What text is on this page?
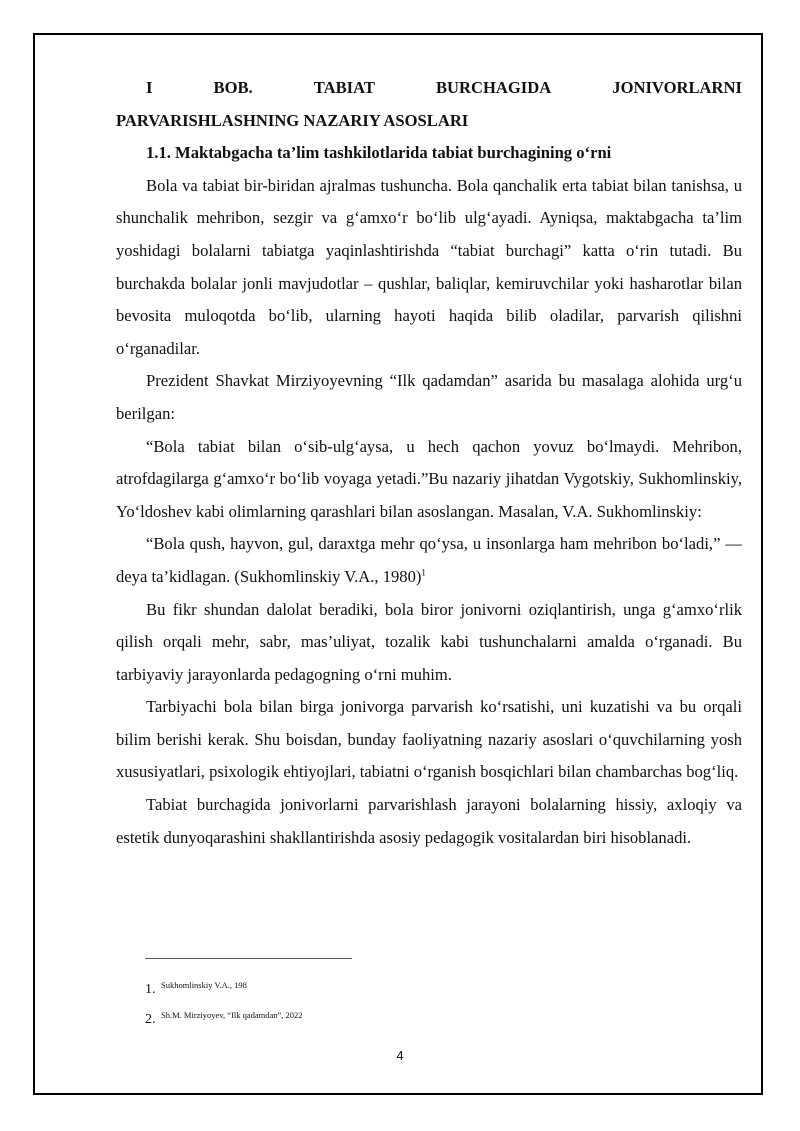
I	BOB.	TABIAT	BURCHAGIDA	JONIVORLARNI
PARVARISHLASHNING NAZARIY ASOSLARI
1.1. Maktabgacha ta’lim tashkilotlarida tabiat burchagining o‘rni

Bola va tabiat bir-biridan ajralmas tushuncha. Bola qanchalik erta tabiat bilan tanishsa, u shunchalik mehribon, sezgir va g‘amxo‘r bo‘lib ulg‘ayadi. Ayniqsa, maktabgacha ta’lim yoshidagi bolalarni tabiatga yaqinlashtirishda “tabiat burchagi” katta o‘rin tutadi. Bu burchakda bolalar jonli mavjudotlar – qushlar, baliqlar, kemiruvchilar yoki hasharotlar bilan bevosita muloqotda bo‘lib, ularning hayoti haqida bilib oladilar, parvarish qilishni o‘rganadilar.

Prezident Shavkat Mirziyoyevning “Ilk qadamdan” asarida bu masalaga alohida urg‘u berilgan:

“Bola tabiat bilan o‘sib-ulg‘aysa, u hech qachon yovuz bo‘lmaydi. Mehribon, atrofdagilarga g‘amxo‘r bo‘lib voyaga yetadi.”Bu nazariy jihatdan Vygotskiy, Sukhomlinskiy, Yo‘ldoshev kabi olimlarning qarashlari bilan asoslangan. Masalan, V.A. Sukhomlinskiy:

“Bola qush, hayvon, gul, daraxtga mehr qo‘ysa, u insonlarga ham mehribon bo‘ladi,” — deya ta’kidlagan. (Sukhomlinskiy V.A., 1980)$^1$

Bu fikr shundan dalolat beradiki, bola biror jonivorni oziqlantirish, unga g‘amxo‘rlik qilish orqali mehr, sabr, mas’uliyat, tozalik kabi tushunchalarni amalda o‘rganadi. Bu tarbiyaviy jarayonlarda pedagogning o‘rni muhim.

Tarbiyachi bola bilan birga jonivorga parvarish ko‘rsatishi, uni kuzatishi va bu orqali bilim berishi kerak. Shu boisdan, bunday faoliyatning nazariy asoslari o‘quvchilarning yosh xususiyatlari, psixologik ehtiyojlari, tabiatni o‘rganish bosqichlari bilan chambarchas bog‘liq.

Tabiat burchagida jonivorlarni parvarishlash jarayoni bolalarning hissiy, axloqiy va estetik dunyoqarashini shakllantirishda asosiy pedagogik vositalardan biri hisoblanadi.

1. Sukhomlinskiy V.A., 198
2. Sh.M. Mirziyoyev, “Ilk qadamdan”, 2022
4
